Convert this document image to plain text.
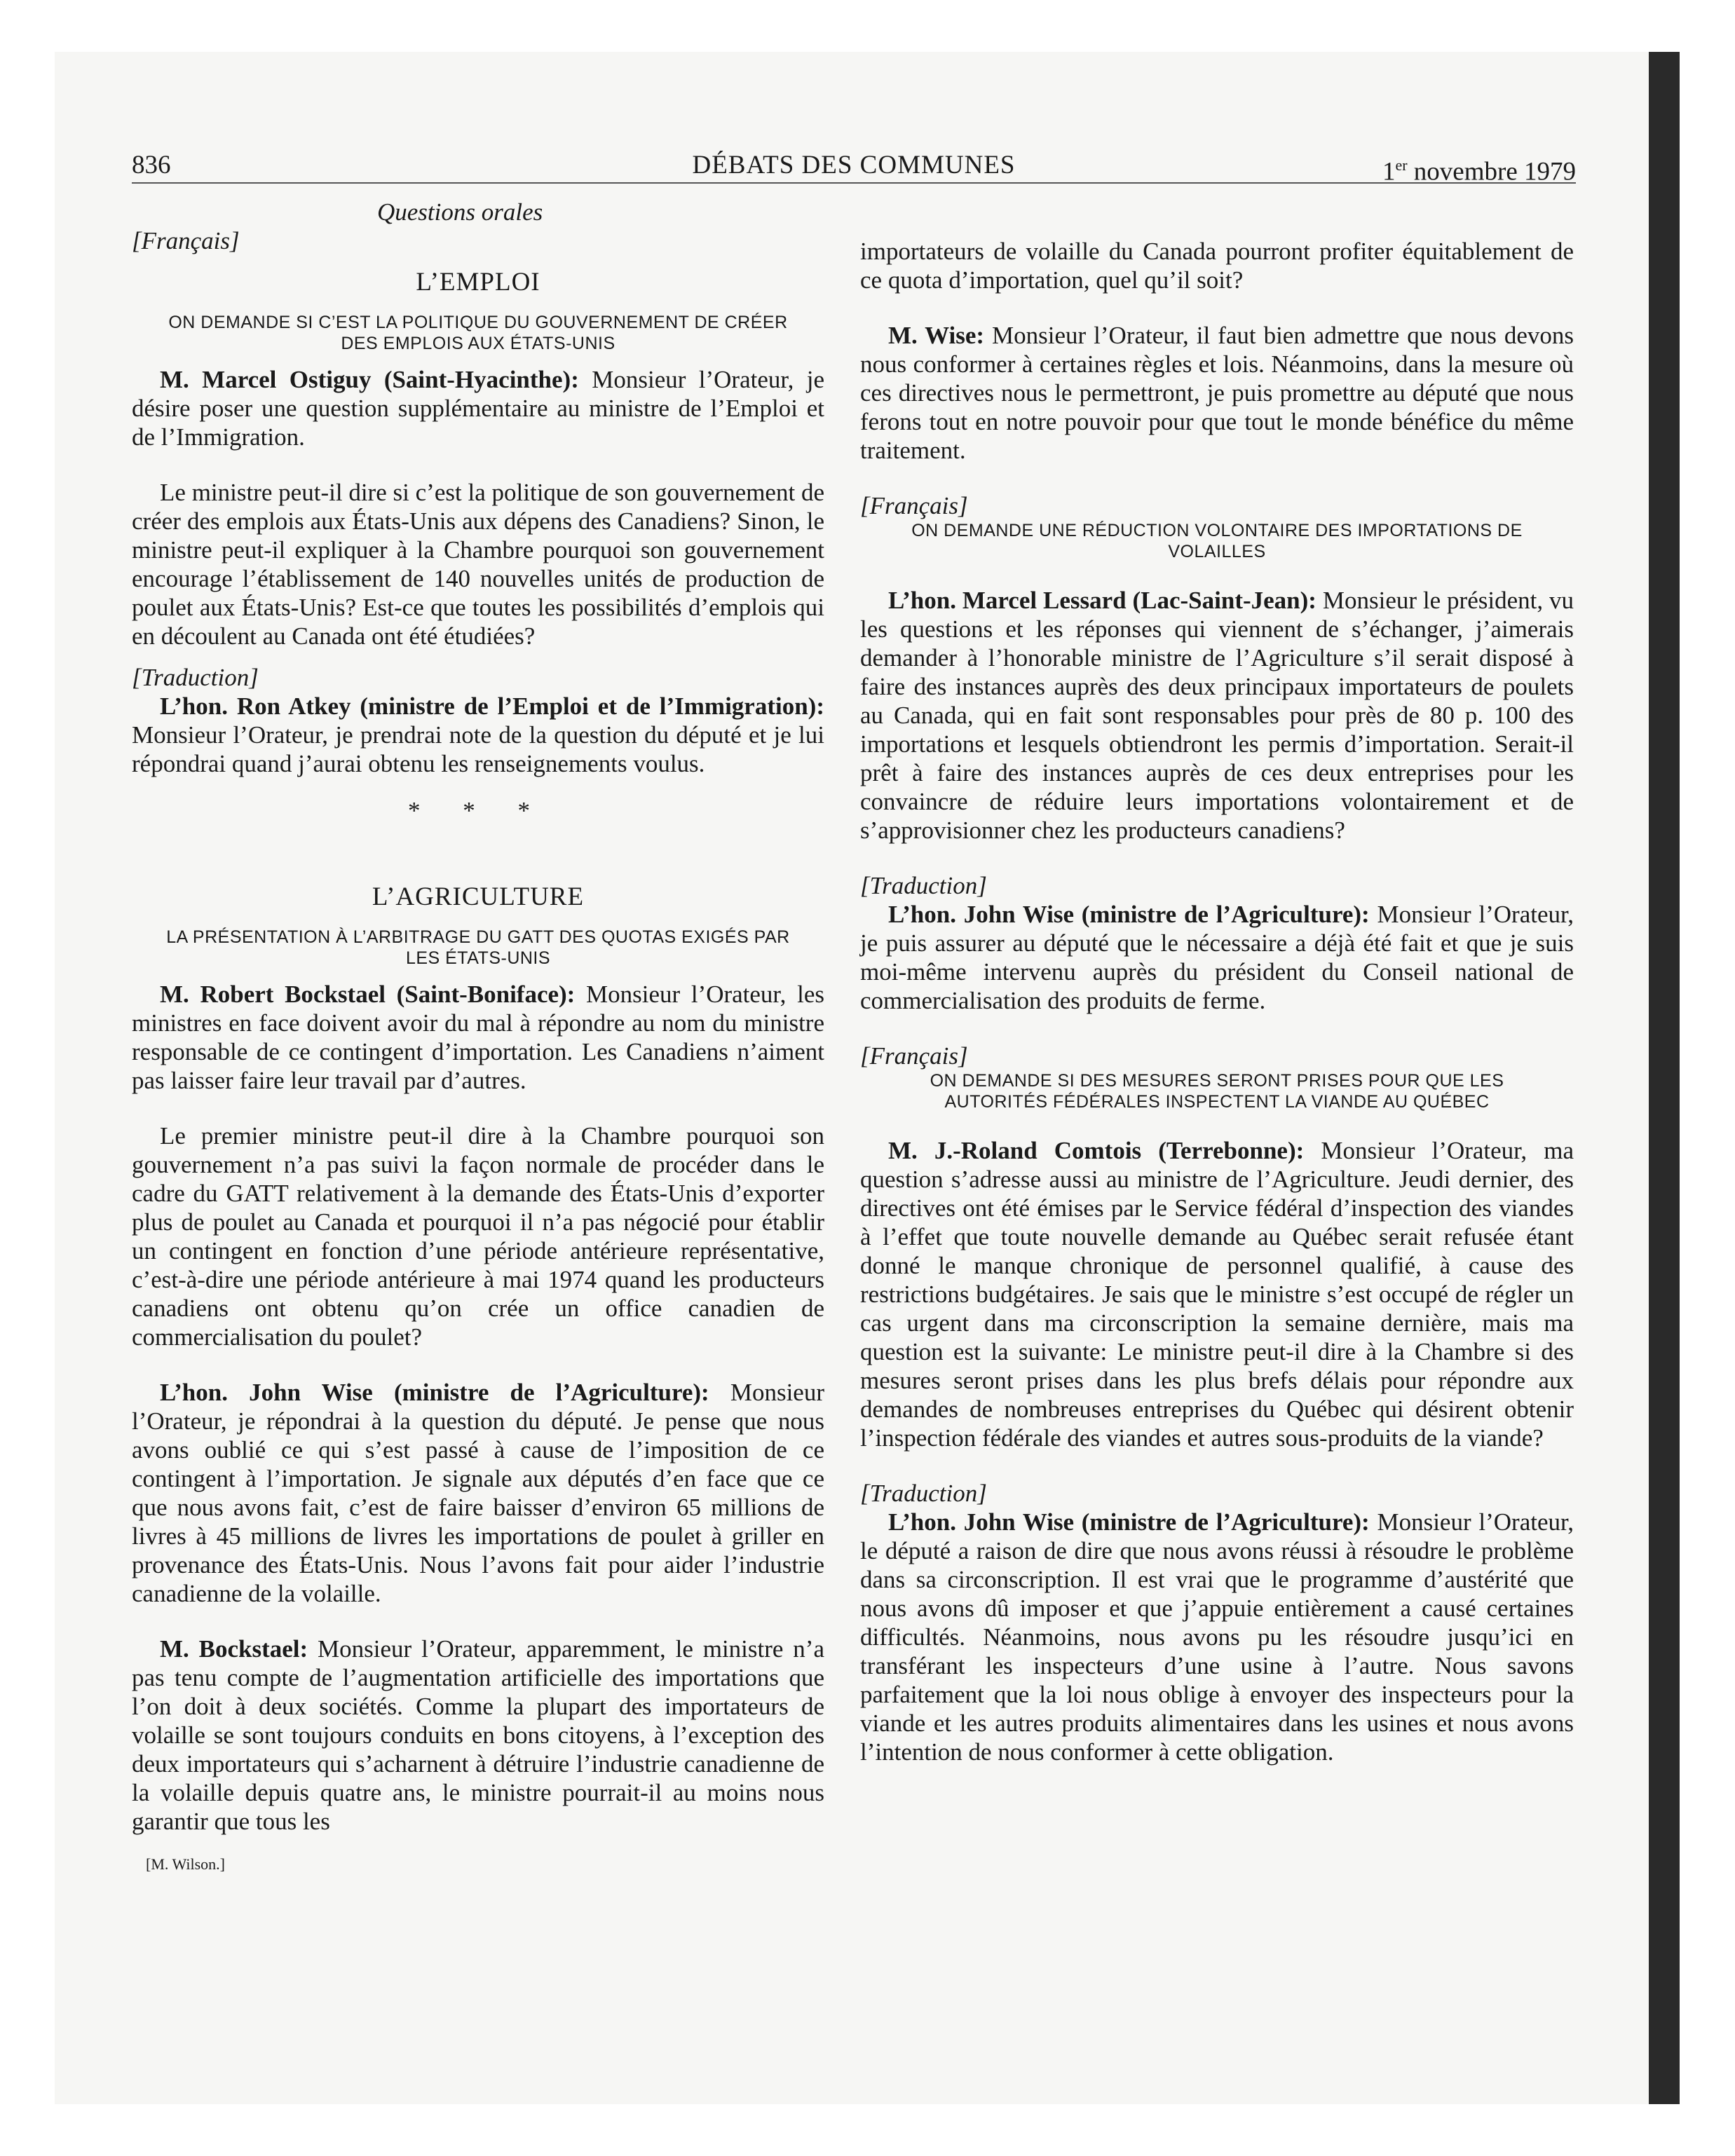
836	DÉBATS DES COMMUNES	1er novembre 1979

Questions orales

[Français]

L’EMPLOI
ON DEMANDE SI C’EST LA POLITIQUE DU GOUVERNEMENT DE CRÉER DES EMPLOIS AUX ÉTATS-UNIS

M. Marcel Ostiguy (Saint-Hyacinthe): Monsieur l’Orateur, je désire poser une question supplémentaire au ministre de l’Emploi et de l’Immigration.

Le ministre peut-il dire si c’est la politique de son gouvernement de créer des emplois aux États-Unis aux dépens des Canadiens? Sinon, le ministre peut-il expliquer à la Chambre pourquoi son gouvernement encourage l’établissement de 140 nouvelles unités de production de poulet aux États-Unis? Est-ce que toutes les possibilités d’emplois qui en découlent au Canada ont été étudiées?

[Traduction]

L’hon. Ron Atkey (ministre de l’Emploi et de l’Immigration): Monsieur l’Orateur, je prendrai note de la question du député et je lui répondrai quand j’aurai obtenu les renseignements voulus.

* * *
L’AGRICULTURE
LA PRÉSENTATION À L’ARBITRAGE DU GATT DES QUOTAS EXIGÉS PAR LES ÉTATS-UNIS

M. Robert Bockstael (Saint-Boniface): Monsieur l’Orateur, les ministres en face doivent avoir du mal à répondre au nom du ministre responsable de ce contingent d’importation. Les Canadiens n’aiment pas laisser faire leur travail par d’autres.

Le premier ministre peut-il dire à la Chambre pourquoi son gouvernement n’a pas suivi la façon normale de procéder dans le cadre du GATT relativement à la demande des États-Unis d’exporter plus de poulet au Canada et pourquoi il n’a pas négocié pour établir un contingent en fonction d’une période antérieure représentative, c’est-à-dire une période antérieure à mai 1974 quand les producteurs canadiens ont obtenu qu’on crée un office canadien de commercialisation du poulet?

L’hon. John Wise (ministre de l’Agriculture): Monsieur l’Orateur, je répondrai à la question du député. Je pense que nous avons oublié ce qui s’est passé à cause de l’imposition de ce contingent à l’importation. Je signale aux députés d’en face que ce que nous avons fait, c’est de faire baisser d’environ 65 millions de livres à 45 millions de livres les importations de poulet à griller en provenance des États-Unis. Nous l’avons fait pour aider l’industrie canadienne de la volaille.

M. Bockstael: Monsieur l’Orateur, apparemment, le ministre n’a pas tenu compte de l’augmentation artificielle des importations que l’on doit à deux sociétés. Comme la plupart des importateurs de volaille se sont toujours conduits en bons citoyens, à l’exception des deux importateurs qui s’acharnent à détruire l’industrie canadienne de la volaille depuis quatre ans, le ministre pourrait-il au moins nous garantir que tous les

[M. Wilson.]

importateurs de volaille du Canada pourront profiter équitablement de ce quota d’importation, quel qu’il soit?

M. Wise: Monsieur l’Orateur, il faut bien admettre que nous devons nous conformer à certaines règles et lois. Néanmoins, dans la mesure où ces directives nous le permettront, je puis promettre au député que nous ferons tout en notre pouvoir pour que tout le monde bénéfice du même traitement.

[Français]

ON DEMANDE UNE RÉDUCTION VOLONTAIRE DES IMPORTATIONS DE VOLAILLES

L’hon. Marcel Lessard (Lac-Saint-Jean): Monsieur le président, vu les questions et les réponses qui viennent de s’échanger, j’aimerais demander à l’honorable ministre de l’Agriculture s’il serait disposé à faire des instances auprès des deux principaux importateurs de poulets au Canada, qui en fait sont responsables pour près de 80 p. 100 des importations et lesquels obtiendront les permis d’importation. Serait-il prêt à faire des instances auprès de ces deux entreprises pour les convaincre de réduire leurs importations volontairement et de s’approvisionner chez les producteurs canadiens?

[Traduction]

L’hon. John Wise (ministre de l’Agriculture): Monsieur l’Orateur, je puis assurer au député que le nécessaire a déjà été fait et que je suis moi-même intervenu auprès du président du Conseil national de commercialisation des produits de ferme.

[Français]

ON DEMANDE SI DES MESURES SERONT PRISES POUR QUE LES AUTORITÉS FÉDÉRALES INSPECTENT LA VIANDE AU QUÉBEC

M. J.-Roland Comtois (Terrebonne): Monsieur l’Orateur, ma question s’adresse aussi au ministre de l’Agriculture. Jeudi dernier, des directives ont été émises par le Service fédéral d’inspection des viandes à l’effet que toute nouvelle demande au Québec serait refusée étant donné le manque chronique de personnel qualifié, à cause des restrictions budgétaires. Je sais que le ministre s’est occupé de régler un cas urgent dans ma circonscription la semaine dernière, mais ma question est la suivante: Le ministre peut-il dire à la Chambre si des mesures seront prises dans les plus brefs délais pour répondre aux demandes de nombreuses entreprises du Québec qui désirent obtenir l’inspection fédérale des viandes et autres sous-produits de la viande?

[Traduction]

L’hon. John Wise (ministre de l’Agriculture): Monsieur l’Orateur, le député a raison de dire que nous avons réussi à résoudre le problème dans sa circonscription. Il est vrai que le programme d’austérité que nous avons dû imposer et que j’appuie entièrement a causé certaines difficultés. Néanmoins, nous avons pu les résoudre jusqu’ici en transférant les inspecteurs d’une usine à l’autre. Nous savons parfaitement que la loi nous oblige à envoyer des inspecteurs pour la viande et les autres produits alimentaires dans les usines et nous avons l’intention de nous conformer à cette obligation.
